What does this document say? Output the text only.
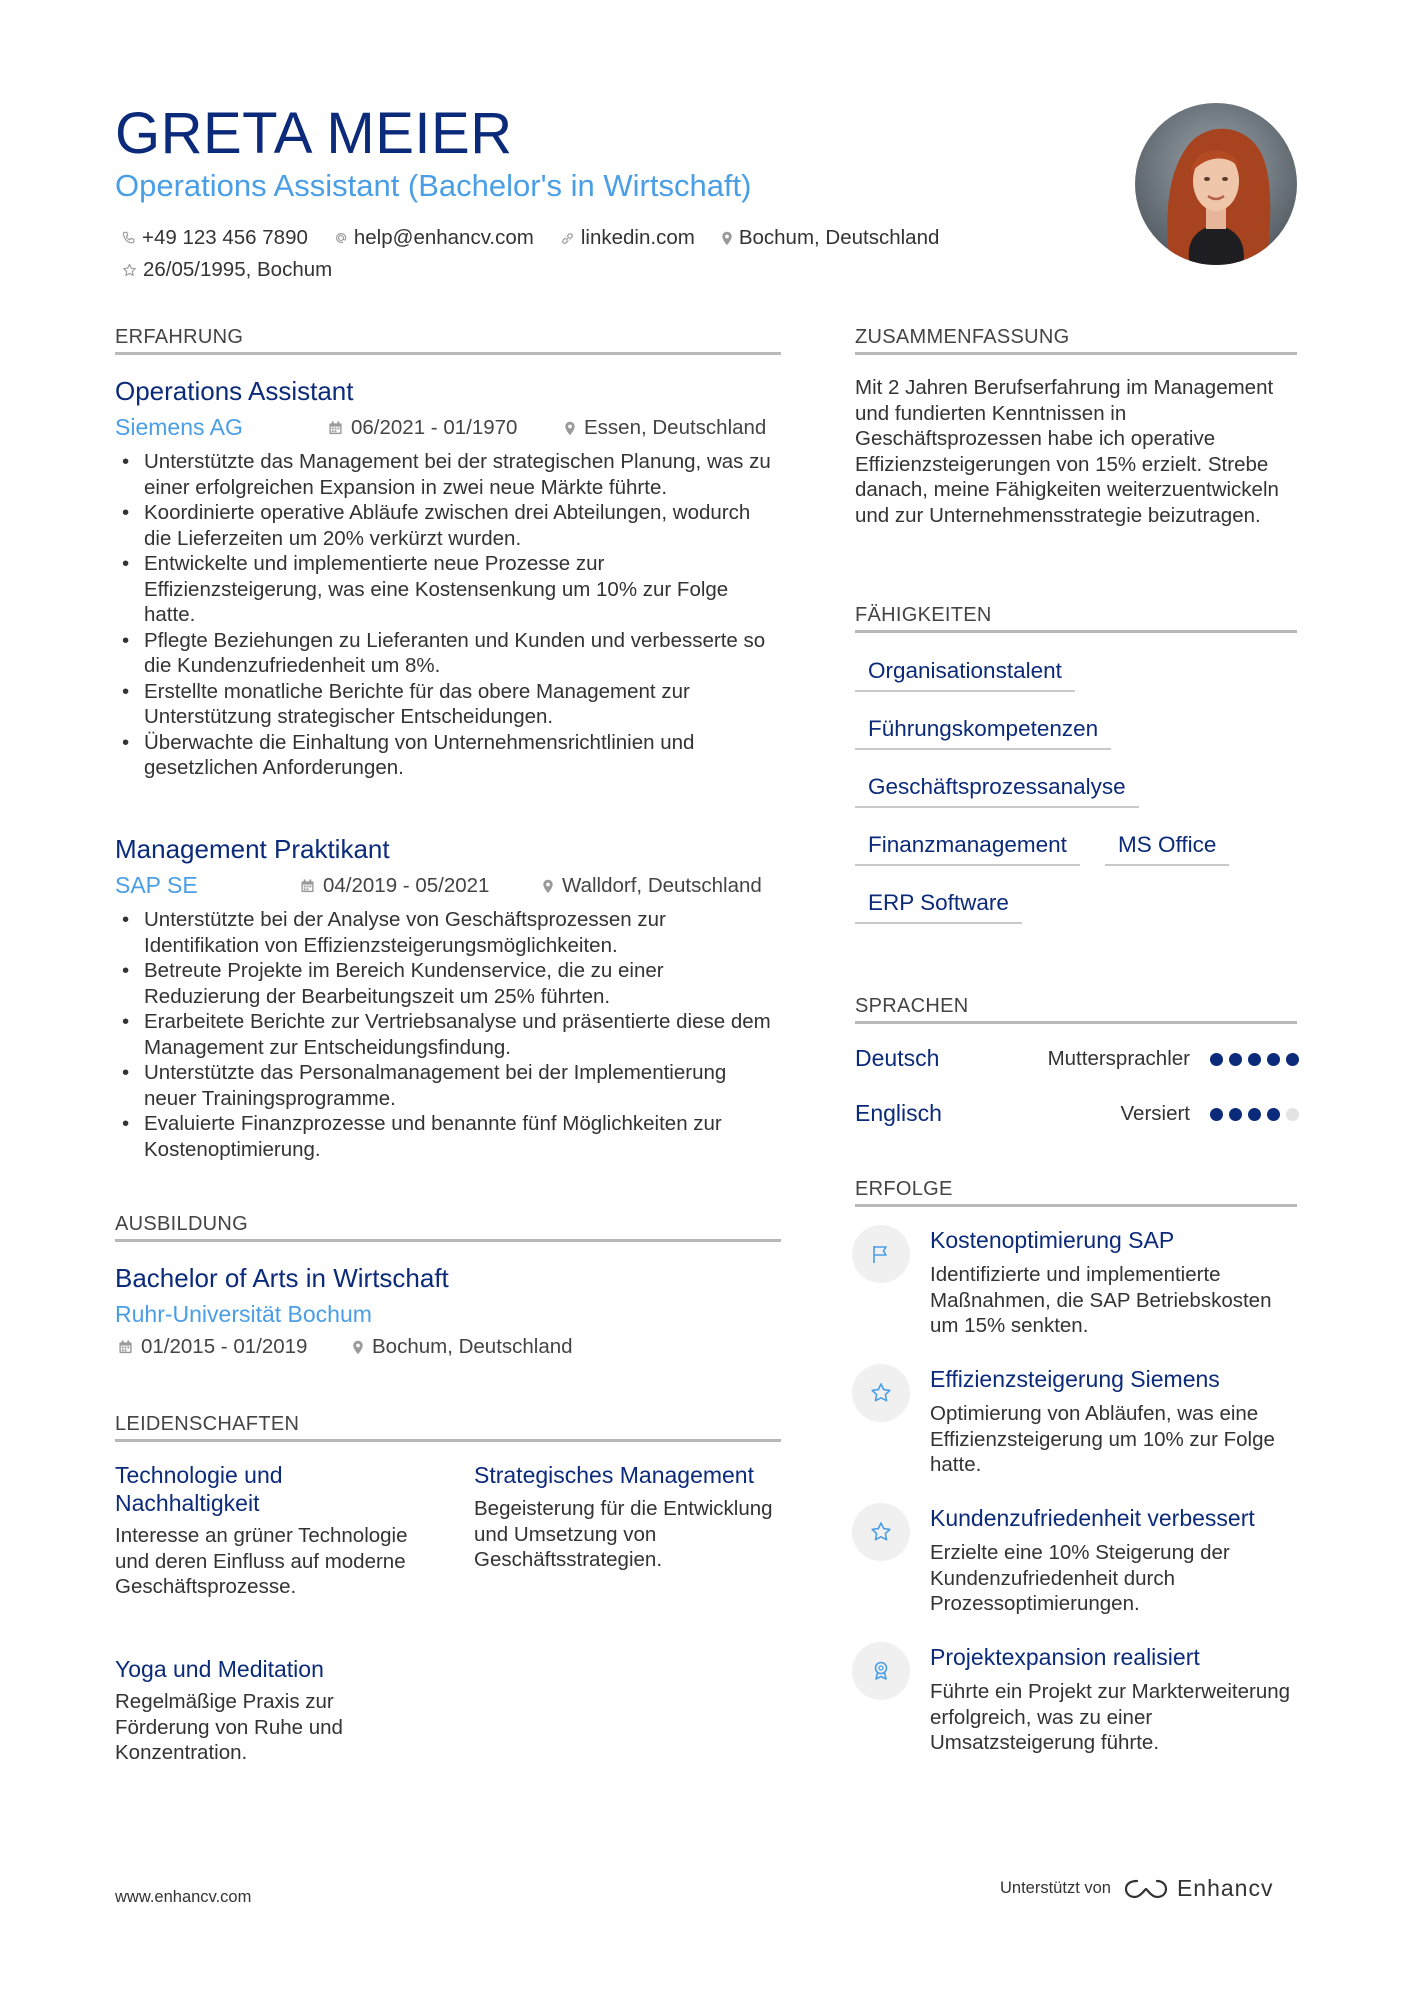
GRETA MEIER
Operations Assistant (Bachelor's in Wirtschaft)
+49 123 456 7890 help@enhancv.com linkedin.com Bochum, Deutschland
26/05/1995, Bochum
ERFAHRUNG
Operations Assistant
Siemens AG	06/2021 - 01/1970	Essen, Deutschland
• Unterstützte das Management bei der strategischen Planung, was zu einer erfolgreichen Expansion in zwei neue Märkte führte.
• Koordinierte operative Abläufe zwischen drei Abteilungen, wodurch die Lieferzeiten um 20% verkürzt wurden.
• Entwickelte und implementierte neue Prozesse zur Effizienzsteigerung, was eine Kostensenkung um 10% zur Folge hatte.
• Pflegte Beziehungen zu Lieferanten und Kunden und verbesserte so die Kundenzufriedenheit um 8%.
• Erstellte monatliche Berichte für das obere Management zur Unterstützung strategischer Entscheidungen.
• Überwachte die Einhaltung von Unternehmensrichtlinien und gesetzlichen Anforderungen.
Management Praktikant
SAP SE	04/2019 - 05/2021	Walldorf, Deutschland
• Unterstützte bei der Analyse von Geschäftsprozessen zur Identifikation von Effizienzsteigerungsmöglichkeiten.
• Betreute Projekte im Bereich Kundenservice, die zu einer Reduzierung der Bearbeitungszeit um 25% führten.
• Erarbeitete Berichte zur Vertriebsanalyse und präsentierte diese dem Management zur Entscheidungsfindung.
• Unterstützte das Personalmanagement bei der Implementierung neuer Trainingsprogramme.
• Evaluierte Finanzprozesse und benannte fünf Möglichkeiten zur Kostenoptimierung.
AUSBILDUNG
Bachelor of Arts in Wirtschaft
Ruhr-Universität Bochum
01/2015 - 01/2019	Bochum, Deutschland
LEIDENSCHAFTEN
Technologie und Nachhaltigkeit
Interesse an grüner Technologie und deren Einfluss auf moderne Geschäftsprozesse.
Strategisches Management
Begeisterung für die Entwicklung und Umsetzung von Geschäftsstrategien.
Yoga und Meditation
Regelmäßige Praxis zur Förderung von Ruhe und Konzentration.
ZUSAMMENFASSUNG
Mit 2 Jahren Berufserfahrung im Management und fundierten Kenntnissen in Geschäftsprozessen habe ich operative Effizienzsteigerungen von 15% erzielt. Strebe danach, meine Fähigkeiten weiterzuentwickeln und zur Unternehmensstrategie beizutragen.
FÄHIGKEITEN
Organisationstalent
Führungskompetenzen
Geschäftsprozessanalyse
Finanzmanagement	MS Office
ERP Software
SPRACHEN
Deutsch	Muttersprachler
Englisch	Versiert
ERFOLGE
Kostenoptimierung SAP
Identifizierte und implementierte Maßnahmen, die SAP Betriebskosten um 15% senkten.
Effizienzsteigerung Siemens
Optimierung von Abläufen, was eine Effizienzsteigerung um 10% zur Folge hatte.
Kundenzufriedenheit verbessert
Erzielte eine 10% Steigerung der Kundenzufriedenheit durch Prozessoptimierungen.
Projektexpansion realisiert
Führte ein Projekt zur Markterweiterung erfolgreich, was zu einer Umsatzsteigerung führte.
www.enhancv.com	Unterstützt von	Enhancv
